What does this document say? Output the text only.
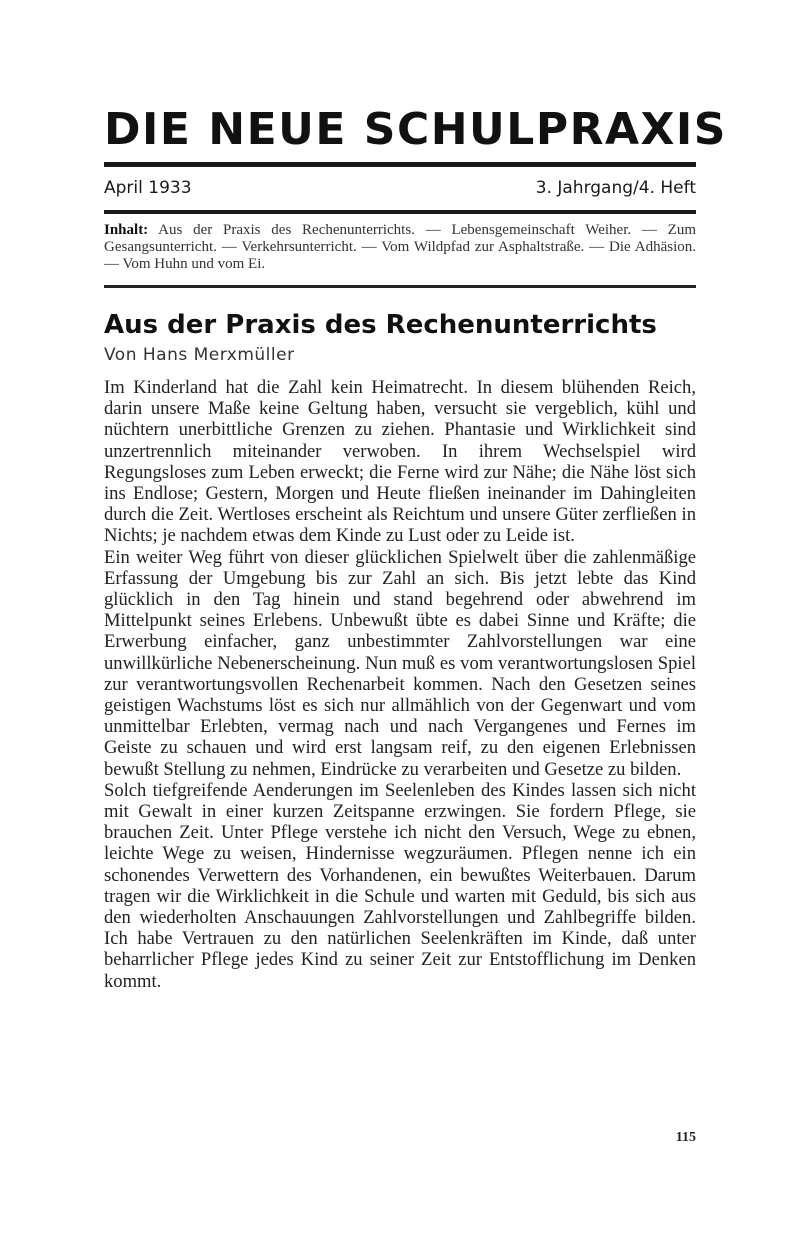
DIE NEUE SCHULPRAXIS
April 1933	3. Jahrgang/4. Heft
Inhalt: Aus der Praxis des Rechenunterrichts. — Lebensgemeinschaft Weiher. — Zum Gesangsunterricht. — Verkehrsunterricht. — Vom Wildpfad zur Asphaltstraße. — Die Adhäsion. — Vom Huhn und vom Ei.
Aus der Praxis des Rechenunterrichts
Von Hans Merxmüller

Im Kinderland hat die Zahl kein Heimatrecht. In diesem blühenden Reich, darin unsere Maße keine Geltung haben, versucht sie vergeblich, kühl und nüchtern unerbittliche Grenzen zu ziehen. Phantasie und Wirklichkeit sind unzertrennlich miteinander verwoben. In ihrem Wechselspiel wird Regungsloses zum Leben erweckt; die Ferne wird zur Nähe; die Nähe löst sich ins Endlose; Gestern, Morgen und Heute fließen ineinander im Dahingleiten durch die Zeit. Wertloses erscheint als Reichtum und unsere Güter zerfließen in Nichts; je nachdem etwas dem Kinde zu Lust oder zu Leide ist.

Ein weiter Weg führt von dieser glücklichen Spielwelt über die zahlenmäßige Erfassung der Umgebung bis zur Zahl an sich. Bis jetzt lebte das Kind glücklich in den Tag hinein und stand begehrend oder abwehrend im Mittelpunkt seines Erlebens. Unbewußt übte es dabei Sinne und Kräfte; die Erwerbung einfacher, ganz unbestimmter Zahlvorstellungen war eine unwillkürliche Nebenerscheinung. Nun muß es vom verantwortungslosen Spiel zur verantwortungsvollen Rechenarbeit kommen. Nach den Gesetzen seines geistigen Wachstums löst es sich nur allmählich von der Gegenwart und vom unmittelbar Erlebten, vermag nach und nach Vergangenes und Fernes im Geiste zu schauen und wird erst langsam reif, zu den eigenen Erlebnissen bewußt Stellung zu nehmen, Eindrücke zu verarbeiten und Gesetze zu bilden.

Solch tiefgreifende Aenderungen im Seelenleben des Kindes lassen sich nicht mit Gewalt in einer kurzen Zeitspanne erzwingen. Sie fordern Pflege, sie brauchen Zeit. Unter Pflege verstehe ich nicht den Versuch, Wege zu ebnen, leichte Wege zu weisen, Hindernisse wegzuräumen. Pflegen nenne ich ein schonendes Verwettern des Vorhandenen, ein bewußtes Weiterbauen. Darum tragen wir die Wirklichkeit in die Schule und warten mit Geduld, bis sich aus den wiederholten Anschauungen Zahlvorstellungen und Zahlbegriffe bilden. Ich habe Vertrauen zu den natürlichen Seelenkräften im Kinde, daß unter beharrlicher Pflege jedes Kind zu seiner Zeit zur Entstofflichung im Denken kommt.

115
